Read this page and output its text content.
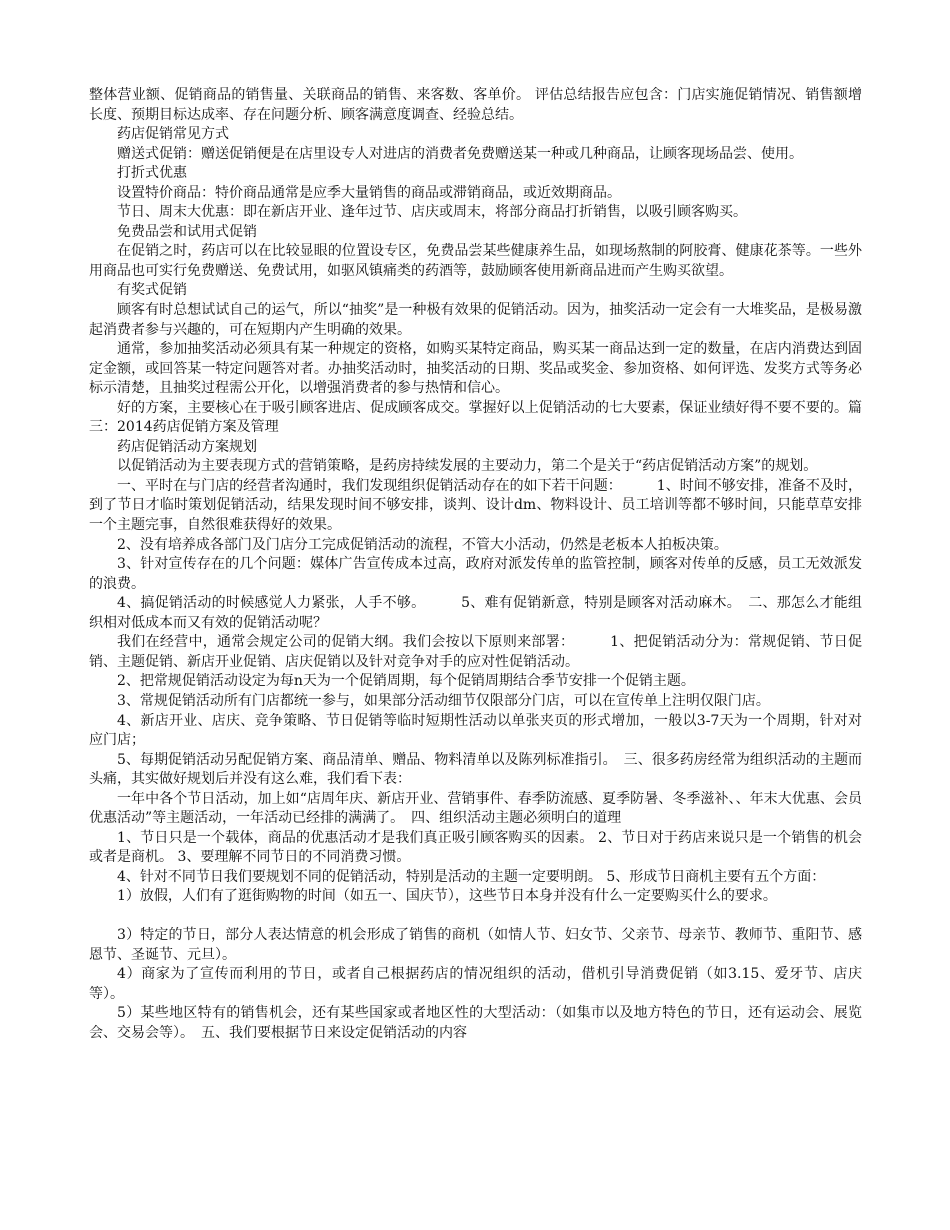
整体营业额、促销商品的销售量、关联商品的销售、来客数、客单价。 评估总结报告应包含：门店实施促销情况、销售额增长度、预期目标达成率、存在问题分析、顾客满意度调查、经验总结。

药店促销常见方式

赠送式促销：赠送促销便是在店里设专人对进店的消费者免费赠送某一种或几种商品，让顾客现场品尝、使用。

打折式优惠

设置特价商品：特价商品通常是应季大量销售的商品或滞销商品，或近效期商品。

节日、周末大优惠：即在新店开业、逢年过节、店庆或周末，将部分商品打折销售，以吸引顾客购买。

免费品尝和试用式促销

在促销之时，药店可以在比较显眼的位置设专区，免费品尝某些健康养生品，如现场熬制的阿胶膏、健康花茶等。一些外用商品也可实行免费赠送、免费试用，如驱风镇痛类的药酒等，鼓励顾客使用新商品进而产生购买欲望。

有奖式促销

顾客有时总想试试自己的运气，所以“抽奖”是一种极有效果的促销活动。因为，抽奖活动一定会有一大堆奖品，是极易激起消费者参与兴趣的，可在短期内产生明确的效果。

通常，参加抽奖活动必须具有某一种规定的资格，如购买某特定商品，购买某一商品达到一定的数量，在店内消费达到固定金额，或回答某一特定问题答对者。办抽奖活动时，抽奖活动的日期、奖品或奖金、参加资格、如何评选、发奖方式等务必标示清楚，且抽奖过程需公开化，以增强消费者的参与热情和信心。

好的方案，主要核心在于吸引顾客进店、促成顾客成交。掌握好以上促销活动的七大要素，保证业绩好得不要不要的。篇三：2014药店促销方案及管理

药店促销活动方案规划

以促销活动为主要表现方式的营销策略，是药房持续发展的主要动力，第二个是关于“药店促销活动方案”的规划。

一、平时在与门店的经营者沟通时，我们发现组织促销活动存在的如下若干问题：　　　1、时间不够安排，准备不及时，到了节日才临时策划促销活动，结果发现时间不够安排，谈判、设计dm、物料设计、员工培训等都不够时间，只能草草安排一个主题完事，自然很难获得好的效果。

2、没有培养成各部门及门店分工完成促销活动的流程，不管大小活动，仍然是老板本人拍板决策。

3、针对宣传存在的几个问题：媒体广告宣传成本过高，政府对派发传单的监管控制，顾客对传单的反感，员工无效派发的浪费。

4、搞促销活动的时候感觉人力紧张，人手不够。　　　5、难有促销新意，特别是顾客对活动麻木。　二、那怎么才能组织相对低成本而又有效的促销活动呢？

我们在经营中，通常会规定公司的促销大纲。我们会按以下原则来部署：　　　1、把促销活动分为：常规促销、节日促销、主题促销、新店开业促销、店庆促销以及针对竞争对手的应对性促销活动。

2、把常规促销活动设定为每n天为一个促销周期，每个促销周期结合季节安排一个促销主题。

3、常规促销活动所有门店都统一参与，如果部分活动细节仅限部分门店，可以在宣传单上注明仅限门店。

4、新店开业、店庆、竞争策略、节日促销等临时短期性活动以单张夹页的形式增加，一般以3-7天为一个周期，针对对应门店；

5、每期促销活动另配促销方案、商品清单、赠品、物料清单以及陈列标准指引。　三、很多药房经常为组织活动的主题而头痛，其实做好规划后并没有这么难，我们看下表：

一年中各个节日活动，加上如“店周年庆、新店开业、营销事件、春季防流感、夏季防暑、冬季滋补、、年末大优惠、会员优惠活动”等主题活动，一年活动已经排的满满了。　四、组织活动主题必须明白的道理

1、节日只是一个载体，商品的优惠活动才是我们真正吸引顾客购买的因素。 2、节日对于药店来说只是一个销售的机会或者是商机。 3、要理解不同节日的不同消费习惯。

4、针对不同节日我们要规划不同的促销活动，特别是活动的主题一定要明朗。 5、形成节日商机主要有五个方面：

1）放假，人们有了逛街购物的时间（如五一、国庆节），这些节日本身并没有什么一定要购买什么的要求。

3）特定的节日，部分人表达情意的机会形成了销售的商机（如情人节、妇女节、父亲节、母亲节、教师节、重阳节、感恩节、圣诞节、元旦）。

4）商家为了宣传而利用的节日，或者自己根据药店的情况组织的活动，借机引导消费促销（如3.15、爱牙节、店庆等）。

5）某些地区特有的销售机会，还有某些国家或者地区性的大型活动：（如集市以及地方特色的节日，还有运动会、展览会、交易会等）。　五、我们要根据节日来设定促销活动的内容
